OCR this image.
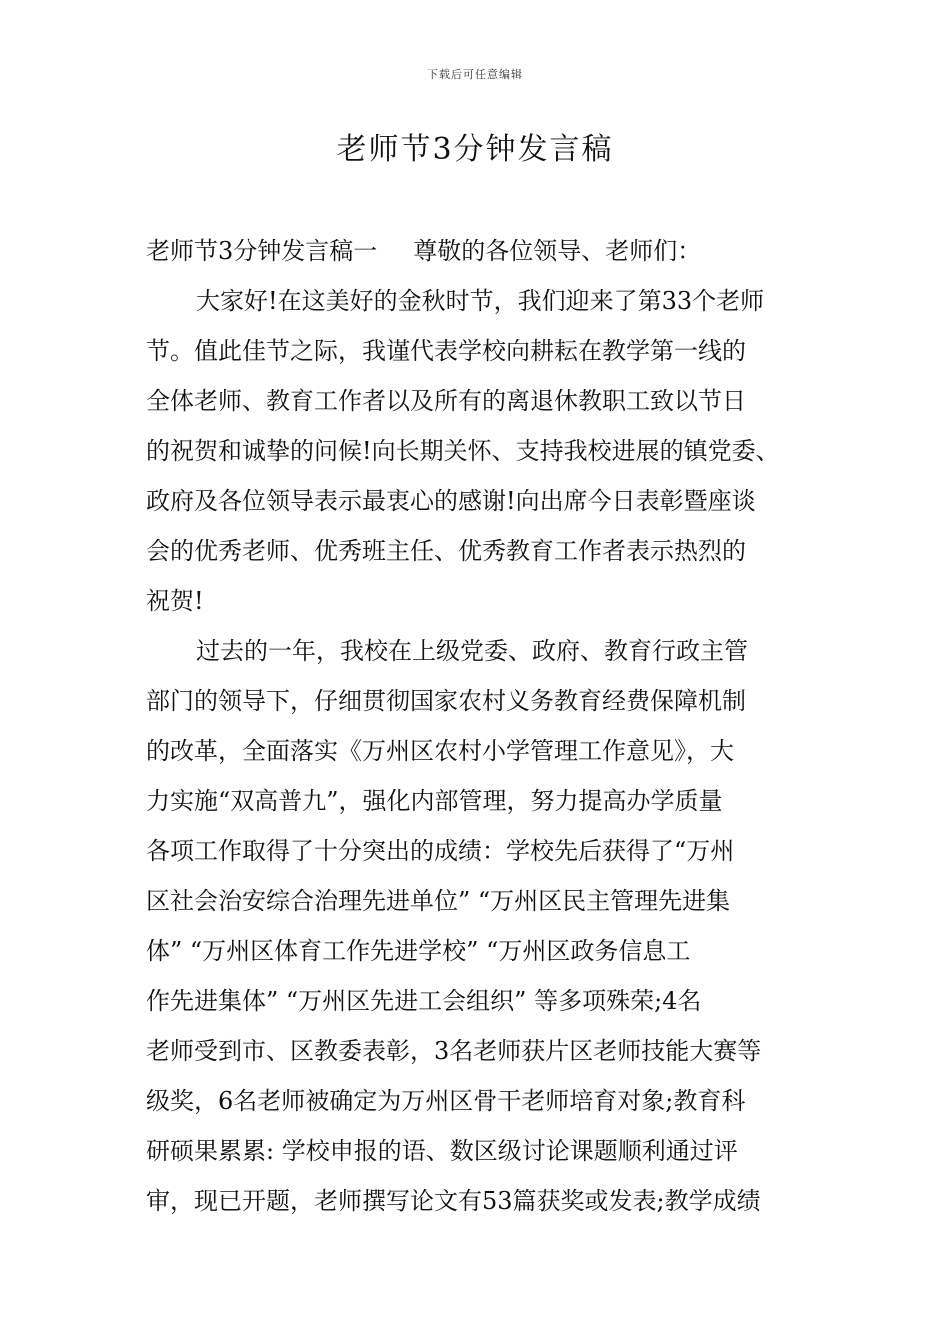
下载后可任意编辑
老师节3分钟发言稿
老师节3分钟发言稿一 尊敬的各位领导、老师们：
大家好!在这美好的金秋时节，我们迎来了第33个老师
节。值此佳节之际，我谨代表学校向耕耘在教学第一线的
全体老师、教育工作者以及所有的离退休教职工致以节日
的祝贺和诚挚的问候!向长期关怀、支持我校进展的镇党委、
政府及各位领导表示最衷心的感谢!向出席今日表彰暨座谈
会的优秀老师、优秀班主任、优秀教育工作者表示热烈的
祝贺!
过去的一年，我校在上级党委、政府、教育行政主管
部门的领导下，仔细贯彻国家农村义务教育经费保障机制
的改革，全面落实《万州区农村小学管理工作意见》，大
力实施“双高普九”，强化内部管理，努力提高办学质量
各项工作取得了十分突出的成绩：学校先后获得了“万州
区社会治安综合治理先进单位” “万州区民主管理先进集
体” “万州区体育工作先进学校” “万州区政务信息工
作先进集体” “万州区先进工会组织” 等多项殊荣;4名
老师受到市、区教委表彰，3名老师获片区老师技能大赛等
级奖，6名老师被确定为万州区骨干老师培育对象;教育科
研硕果累累: 学校申报的语、数区级讨论课题顺利通过评
审，现已开题，老师撰写论文有53篇获奖或发表;教学成绩
